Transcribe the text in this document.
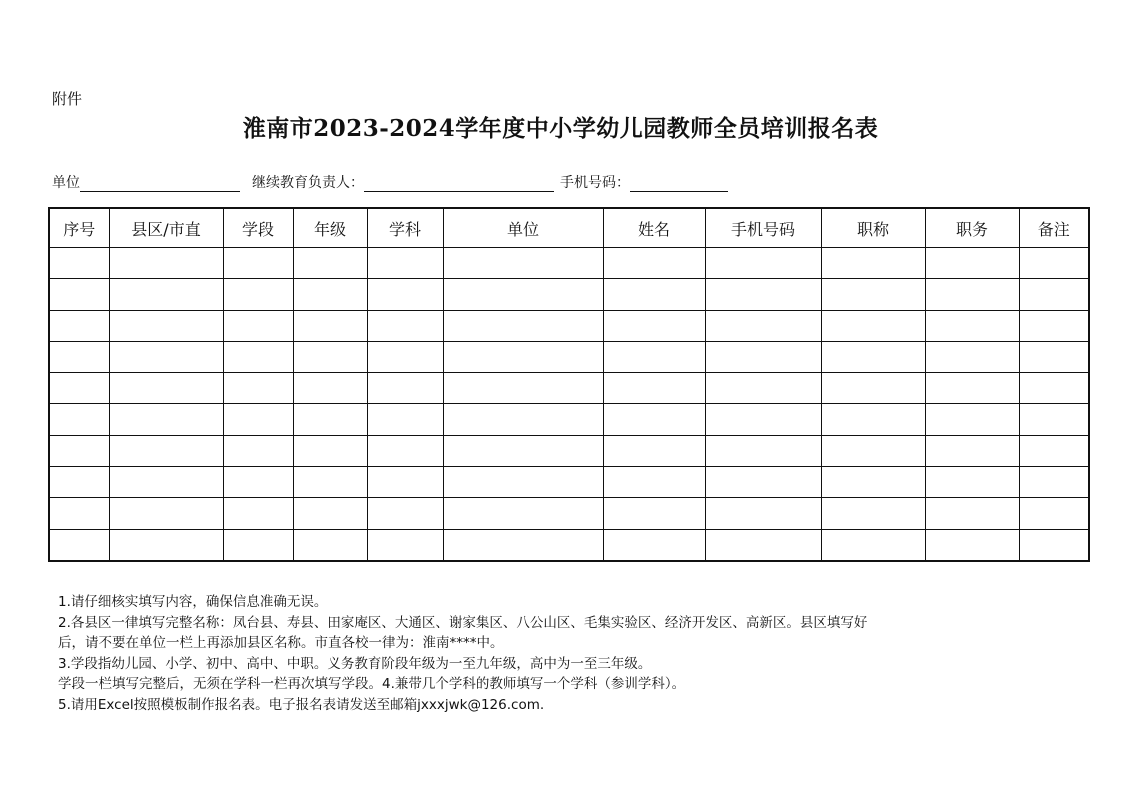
附件
淮南市2023-2024学年度中小学幼儿园教师全员培训报名表
单位	继续教育负责人：	手机号码：
序号	县区/市直	学段	年级	学科	单位	姓名	手机号码	职称	职务	备注

1.请仔细核实填写内容，确保信息准确无误。
2.各县区一律填写完整名称：凤台县、寿县、田家庵区、大通区、谢家集区、八公山区、毛集实验区、经济开发区、高新区。县区填写好
后，请不要在单位一栏上再添加县区名称。市直各校一律为：淮南****中。
3.学段指幼儿园、小学、初中、高中、中职。义务教育阶段年级为一至九年级，高中为一至三年级。
学段一栏填写完整后，无须在学科一栏再次填写学段。4.兼带几个学科的教师填写一个学科（参训学科）。
5.请用Excel按照模板制作报名表。电子报名表请发送至邮箱jxxxjwk@126.com.
